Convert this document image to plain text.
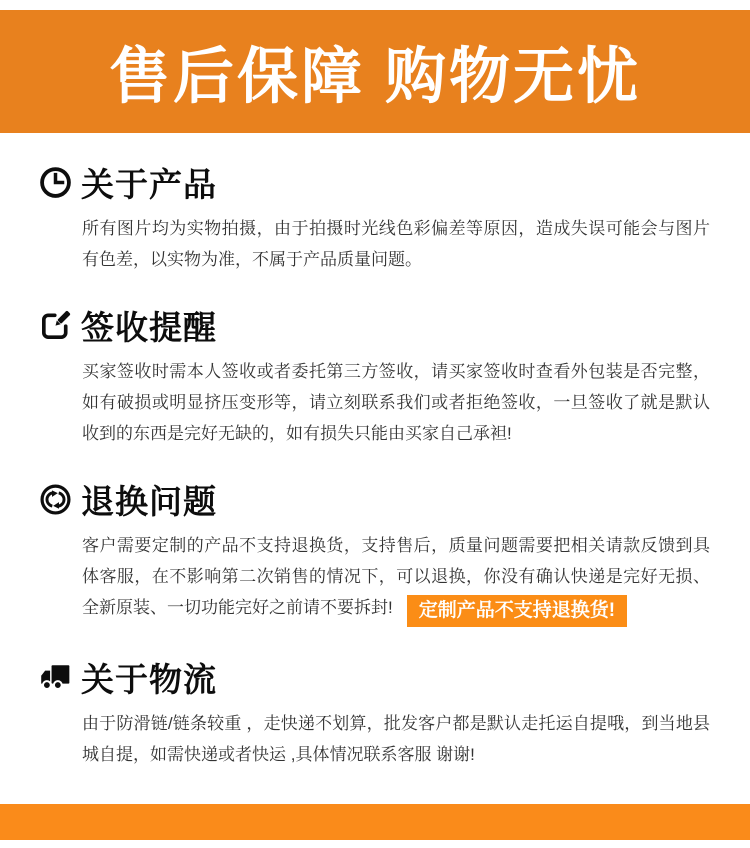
售后保障 购物无忧
关于产品

所有图片均为实物拍摄，由于拍摄时光线色彩偏差等原因，造成失误可能会与图片有色差，以实物为准，不属于产品质量问题。

签收提醒

买家签收时需本人签收或者委托第三方签收，请买家签收时查看外包装是否完整，如有破损或明显挤压变形等，请立刻联系我们或者拒绝签收，一旦签收了就是默认收到的东西是完好无缺的，如有损失只能由买家自己承袒!

退换问题

客户需要定制的产品不支持退换货，支持售后，质量问题需要把相关请款反馈到具体客服，在不影响第二次销售的情况下，可以退换，你没有确认快递是完好无损、全新原装、一切功能完好之前请不要拆封! 定制产品不支持退换货!

关于物流

由于防滑链/链条较重 ，走快递不划算，批发客户都是默认走托运自提哦，到当地县城自提，如需快递或者快运 ,具体情况联系客服 谢谢!
